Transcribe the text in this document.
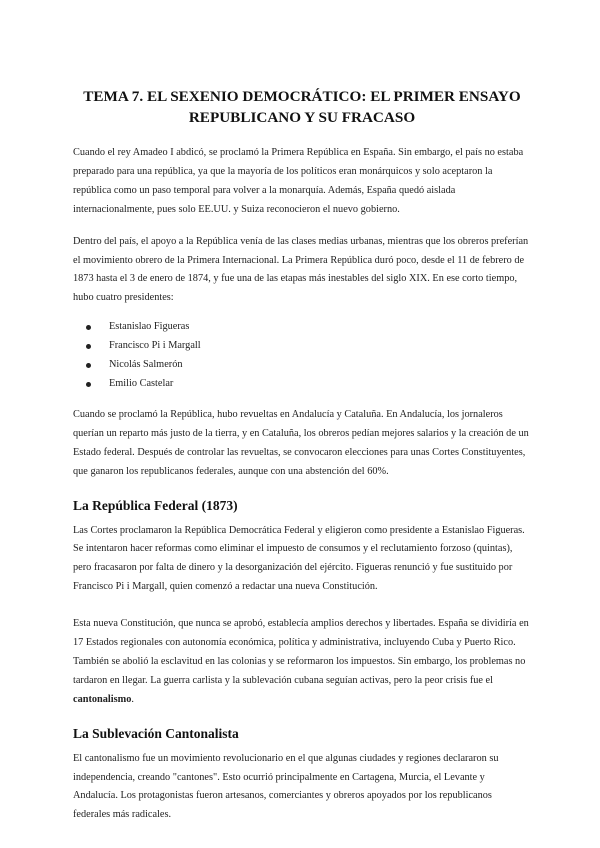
TEMA 7. EL SEXENIO DEMOCRÁTICO: EL PRIMER ENSAYO
REPUBLICANO Y SU FRACASO

Cuando el rey Amadeo I abdicó, se proclamó la Primera República en España. Sin embargo, el país no estaba preparado para una república, ya que la mayoría de los políticos eran monárquicos y solo aceptaron la república como un paso temporal para volver a la monarquía. Además, España quedó aislada internacionalmente, pues solo EE.UU. y Suiza reconocieron el nuevo gobierno.

Dentro del país, el apoyo a la República venía de las clases medias urbanas, mientras que los obreros preferían el movimiento obrero de la Primera Internacional. La Primera República duró poco, desde el 11 de febrero de 1873 hasta el 3 de enero de 1874, y fue una de las etapas más inestables del siglo XIX. En ese corto tiempo, hubo cuatro presidentes:

Estanislao Figueras
Francisco Pi i Margall
Nicolás Salmerón
Emilio Castelar

Cuando se proclamó la República, hubo revueltas en Andalucía y Cataluña. En Andalucía, los jornaleros querían un reparto más justo de la tierra, y en Cataluña, los obreros pedían mejores salarios y la creación de un Estado federal. Después de controlar las revueltas, se convocaron elecciones para unas Cortes Constituyentes, que ganaron los republicanos federales, aunque con una abstención del 60%.

La República Federal (1873)

Las Cortes proclamaron la República Democrática Federal y eligieron como presidente a Estanislao Figueras. Se intentaron hacer reformas como eliminar el impuesto de consumos y el reclutamiento forzoso (quintas), pero fracasaron por falta de dinero y la desorganización del ejército. Figueras renunció y fue sustituido por Francisco Pi i Margall, quien comenzó a redactar una nueva Constitución.

Esta nueva Constitución, que nunca se aprobó, establecía amplios derechos y libertades. España se dividiría en 17 Estados regionales con autonomía económica, política y administrativa, incluyendo Cuba y Puerto Rico. También se abolió la esclavitud en las colonias y se reformaron los impuestos. Sin embargo, los problemas no tardaron en llegar. La guerra carlista y la sublevación cubana seguían activas, pero la peor crisis fue el cantonalismo.

La Sublevación Cantonalista

El cantonalismo fue un movimiento revolucionario en el que algunas ciudades y regiones declararon su independencia, creando "cantones". Esto ocurrió principalmente en Cartagena, Murcia, el Levante y Andalucía. Los protagonistas fueron artesanos, comerciantes y obreros apoyados por los republicanos federales más radicales.
